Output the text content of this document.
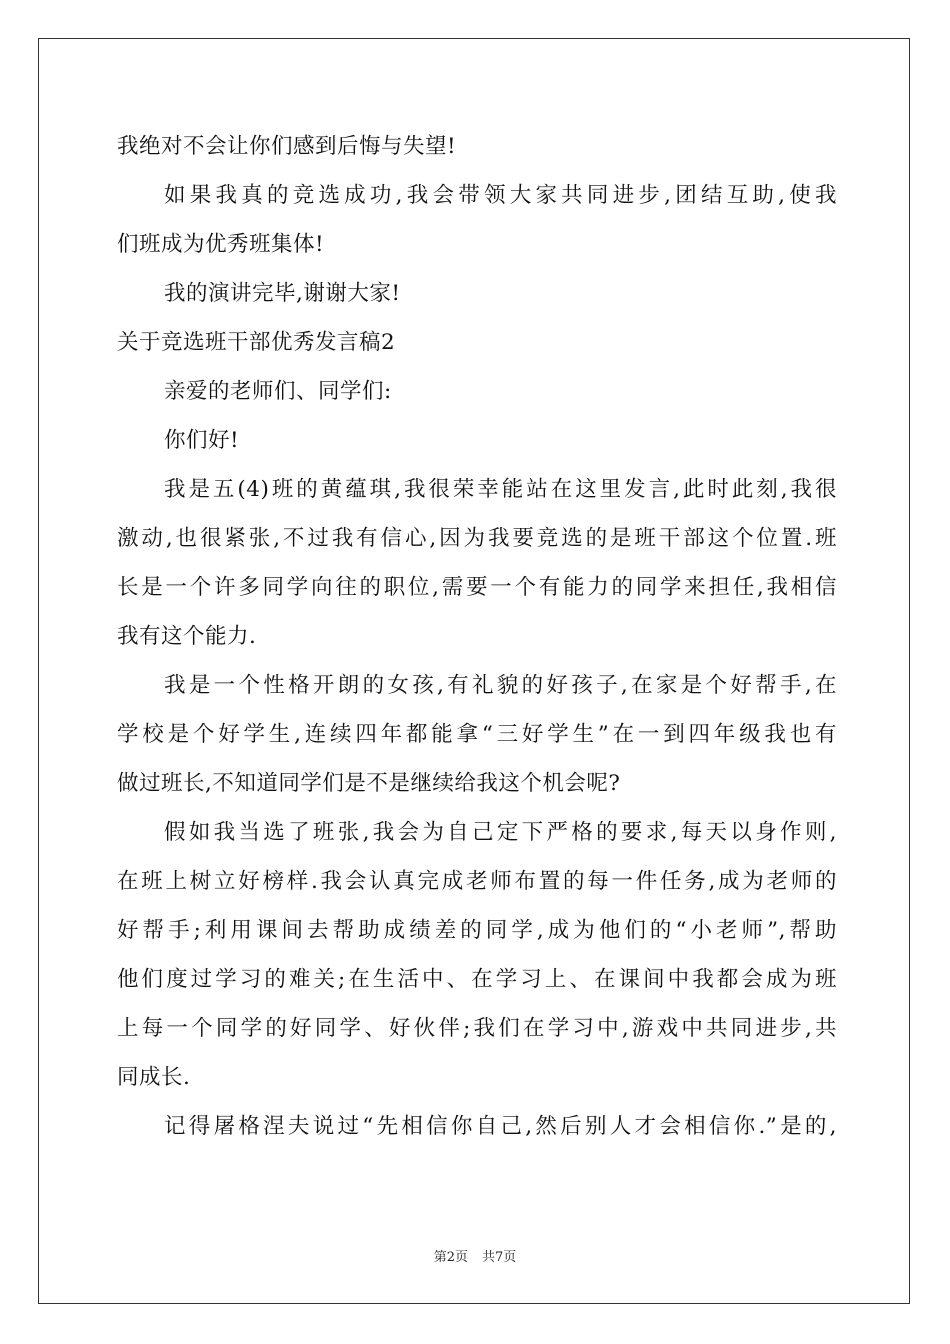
我绝对不会让你们感到后悔与失望!
如果我真的竞选成功,我会带领大家共同进步,团结互助,使我
们班成为优秀班集体!
我的演讲完毕,谢谢大家!
关于竞选班干部优秀发言稿2
亲爱的老师们、同学们:
你们好!
我是五(4)班的黄蕴琪,我很荣幸能站在这里发言,此时此刻,我很
激动,也很紧张,不过我有信心,因为我要竞选的是班干部这个位置.班
长是一个许多同学向往的职位,需要一个有能力的同学来担任,我相信
我有这个能力.
我是一个性格开朗的女孩,有礼貌的好孩子,在家是个好帮手,在
学校是个好学生,连续四年都能拿“三好学生”在一到四年级我也有
做过班长,不知道同学们是不是继续给我这个机会呢?
假如我当选了班张,我会为自己定下严格的要求,每天以身作则,
在班上树立好榜样.我会认真完成老师布置的每一件任务,成为老师的
好帮手;利用课间去帮助成绩差的同学,成为他们的“小老师”,帮助
他们度过学习的难关;在生活中、在学习上、在课间中我都会成为班
上每一个同学的好同学、好伙伴;我们在学习中,游戏中共同进步,共
同成长.
记得屠格涅夫说过“先相信你自己,然后别人才会相信你.”是的,
第2页 共7页
